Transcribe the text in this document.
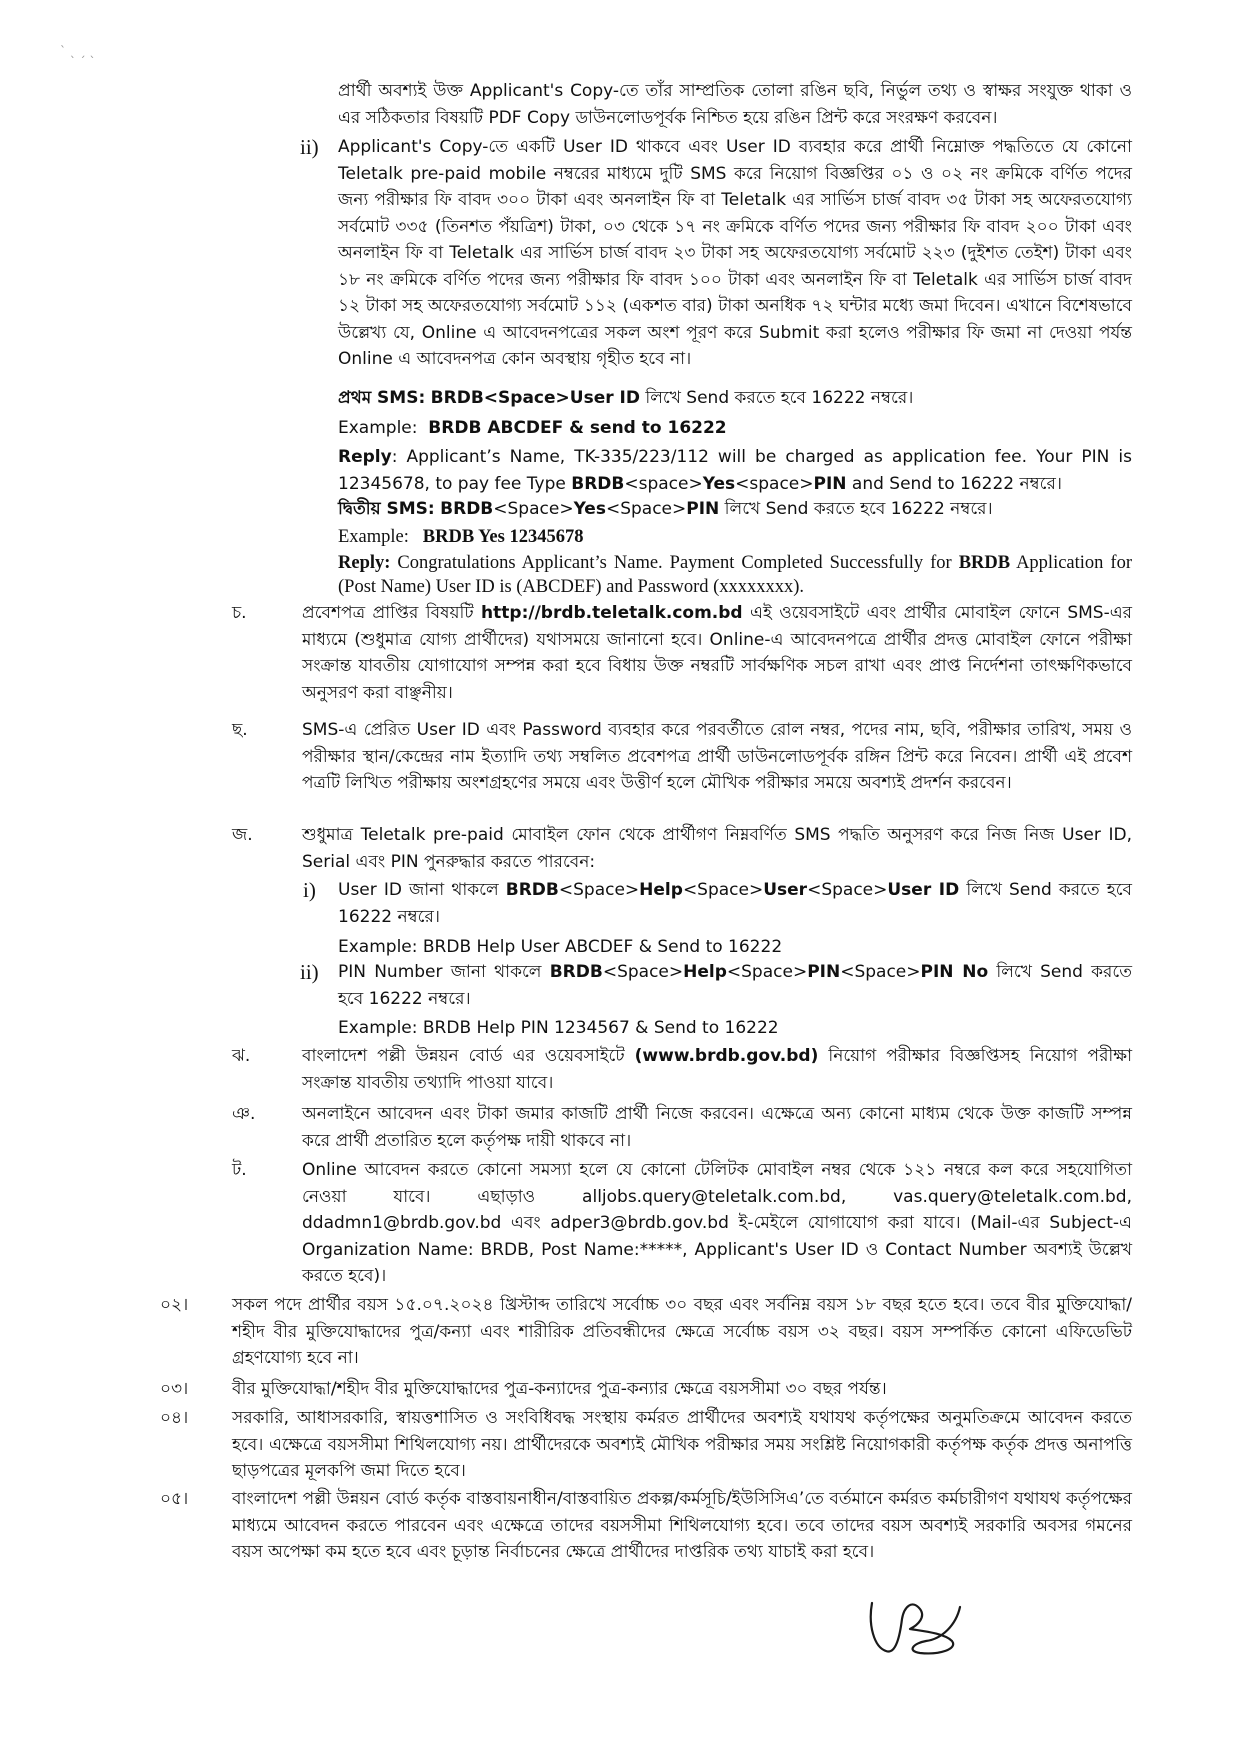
` ˎ ˏ ˎ
প্রার্থী অবশ্যই উক্ত Applicant's Copy-তে তাঁর সাম্প্রতিক তোলা রঙিন ছবি, নির্ভুল তথ্য ও স্বাক্ষর সংযুক্ত থাকা ও এর সঠিকতার বিষয়টি PDF Copy ডাউনলোডপূর্বক নিশ্চিত হয়ে রঙিন প্রিন্ট করে সংরক্ষণ করবেন।
ii) Applicant's Copy-তে একটি User ID থাকবে এবং User ID ব্যবহার করে প্রার্থী নিম্নোক্ত পদ্ধতিতে যে কোনো Teletalk pre-paid mobile নম্বরের মাধ্যমে দুটি SMS করে নিয়োগ বিজ্ঞপ্তির ০১ ও ০২ নং ক্রমিকে বর্ণিত পদের জন্য পরীক্ষার ফি বাবদ ৩০০ টাকা এবং অনলাইন ফি বা Teletalk এর সার্ভিস চার্জ বাবদ ৩৫ টাকা সহ অফেরতযোগ্য সর্বমোট ৩৩৫ (তিনশত পঁয়ত্রিশ) টাকা, ০৩ থেকে ১৭ নং ক্রমিকে বর্ণিত পদের জন্য পরীক্ষার ফি বাবদ ২০০ টাকা এবং অনলাইন ফি বা Teletalk এর সার্ভিস চার্জ বাবদ ২৩ টাকা সহ অফেরতযোগ্য সর্বমোট ২২৩ (দুইশত তেইশ) টাকা এবং ১৮ নং ক্রমিকে বর্ণিত পদের জন্য পরীক্ষার ফি বাবদ ১০০ টাকা এবং অনলাইন ফি বা Teletalk এর সার্ভিস চার্জ বাবদ ১২ টাকা সহ অফেরতযোগ্য সর্বমোট ১১২ (একশত বার) টাকা অনধিক ৭২ ঘন্টার মধ্যে জমা দিবেন। এখানে বিশেষভাবে উল্লেখ্য যে, Online এ আবেদনপত্রের সকল অংশ পূরণ করে Submit করা হলেও পরীক্ষার ফি জমা না দেওয়া পর্যন্ত Online এ আবেদনপত্র কোন অবস্থায় গৃহীত হবে না।
প্রথম SMS: BRDB<Space>User ID লিখে Send করতে হবে 16222 নম্বরে।
Example: BRDB ABCDEF & send to 16222
Reply: Applicant’s Name, TK-335/223/112 will be charged as application fee. Your PIN is 12345678, to pay fee Type BRDB<space>Yes<space>PIN and Send to 16222 নম্বরে।
দ্বিতীয় SMS: BRDB<Space>Yes<Space>PIN লিখে Send করতে হবে 16222 নম্বরে।
Example: BRDB Yes 12345678
Reply: Congratulations Applicant’s Name. Payment Completed Successfully for BRDB Application for (Post Name) User ID is (ABCDEF) and Password (xxxxxxxx).
চ.	প্রবেশপত্র প্রাপ্তির বিষয়টি http://brdb.teletalk.com.bd এই ওয়েবসাইটে এবং প্রার্থীর মোবাইল ফোনে SMS-এর মাধ্যমে (শুধুমাত্র যোগ্য প্রার্থীদের) যথাসময়ে জানানো হবে। Online-এ আবেদনপত্রে প্রার্থীর প্রদত্ত মোবাইল ফোনে পরীক্ষা সংক্রান্ত যাবতীয় যোগাযোগ সম্পন্ন করা হবে বিধায় উক্ত নম্বরটি সার্বক্ষণিক সচল রাখা এবং প্রাপ্ত নির্দেশনা তাৎক্ষণিকভাবে অনুসরণ করা বাঞ্ছনীয়।
ছ.	SMS-এ প্রেরিত User ID এবং Password ব্যবহার করে পরবর্তীতে রোল নম্বর, পদের নাম, ছবি, পরীক্ষার তারিখ, সময় ও পরীক্ষার স্থান/কেন্দ্রের নাম ইত্যাদি তথ্য সম্বলিত প্রবেশপত্র প্রার্থী ডাউনলোডপূর্বক রঙ্গিন প্রিন্ট করে নিবেন। প্রার্থী এই প্রবেশ পত্রটি লিখিত পরীক্ষায় অংশগ্রহণের সময়ে এবং উত্তীর্ণ হলে মৌখিক পরীক্ষার সময়ে অবশ্যই প্রদর্শন করবেন।
জ.	শুধুমাত্র Teletalk pre-paid মোবাইল ফোন থেকে প্রার্থীগণ নিম্নবর্ণিত SMS পদ্ধতি অনুসরণ করে নিজ নিজ User ID, Serial এবং PIN পুনরুদ্ধার করতে পারবেন:
i) User ID জানা থাকলে BRDB<Space>Help<Space>User<Space>User ID লিখে Send করতে হবে 16222 নম্বরে।
Example: BRDB Help User ABCDEF & Send to 16222
ii) PIN Number জানা থাকলে BRDB<Space>Help<Space>PIN<Space>PIN No লিখে Send করতে হবে 16222 নম্বরে।
Example: BRDB Help PIN 1234567 & Send to 16222
ঝ.	বাংলাদেশ পল্লী উন্নয়ন বোর্ড এর ওয়েবসাইটে (www.brdb.gov.bd) নিয়োগ পরীক্ষার বিজ্ঞপ্তিসহ নিয়োগ পরীক্ষা সংক্রান্ত যাবতীয় তথ্যাদি পাওয়া যাবে।
ঞ.	অনলাইনে আবেদন এবং টাকা জমার কাজটি প্রার্থী নিজে করবেন। এক্ষেত্রে অন্য কোনো মাধ্যম থেকে উক্ত কাজটি সম্পন্ন করে প্রার্থী প্রতারিত হলে কর্তৃপক্ষ দায়ী থাকবে না।
ট.	Online আবেদন করতে কোনো সমস্যা হলে যে কোনো টেলিটক মোবাইল নম্বর থেকে ১২১ নম্বরে কল করে সহযোগিতা নেওয়া যাবে। এছাড়াও alljobs.query@teletalk.com.bd, vas.query@teletalk.com.bd, ddadmn1@brdb.gov.bd এবং adper3@brdb.gov.bd ই-মেইলে যোগাযোগ করা যাবে। (Mail-এর Subject-এ Organization Name: BRDB, Post Name:*****, Applicant's User ID ও Contact Number অবশ্যই উল্লেখ করতে হবে)।
০২।	সকল পদে প্রার্থীর বয়স ১৫.০৭.২০২৪ খ্রিস্টাব্দ তারিখে সর্বোচ্চ ৩০ বছর এবং সর্বনিম্ন বয়স ১৮ বছর হতে হবে। তবে বীর মুক্তিযোদ্ধা/শহীদ বীর মুক্তিযোদ্ধাদের পুত্র/কন্যা এবং শারীরিক প্রতিবন্ধীদের ক্ষেত্রে সর্বোচ্চ বয়স ৩২ বছর। বয়স সম্পর্কিত কোনো এফিডেভিট গ্রহণযোগ্য হবে না।
০৩।	বীর মুক্তিযোদ্ধা/শহীদ বীর মুক্তিযোদ্ধাদের পুত্র-কন্যাদের পুত্র-কন্যার ক্ষেত্রে বয়সসীমা ৩০ বছর পর্যন্ত।
০৪।	সরকারি, আধাসরকারি, স্বায়ত্তশাসিত ও সংবিধিবদ্ধ সংস্থায় কর্মরত প্রার্থীদের অবশ্যই যথাযথ কর্তৃপক্ষের অনুমতিক্রমে আবেদন করতে হবে। এক্ষেত্রে বয়সসীমা শিথিলযোগ্য নয়। প্রার্থীদেরকে অবশ্যই মৌখিক পরীক্ষার সময় সংশ্লিষ্ট নিয়োগকারী কর্তৃপক্ষ কর্তৃক প্রদত্ত অনাপত্তি ছাড়পত্রের মূলকপি জমা দিতে হবে।
০৫।	বাংলাদেশ পল্লী উন্নয়ন বোর্ড কর্তৃক বাস্তবায়নাধীন/বাস্তবায়িত প্রকল্প/কর্মসূচি/ইউসিসিএ’তে বর্তমানে কর্মরত কর্মচারীগণ যথাযথ কর্তৃপক্ষের মাধ্যমে আবেদন করতে পারবেন এবং এক্ষেত্রে তাদের বয়সসীমা শিথিলযোগ্য হবে। তবে তাদের বয়স অবশ্যই সরকারি অবসর গমনের বয়স অপেক্ষা কম হতে হবে এবং চূড়ান্ত নির্বাচনের ক্ষেত্রে প্রার্থীদের দাপ্তরিক তথ্য যাচাই করা হবে।
